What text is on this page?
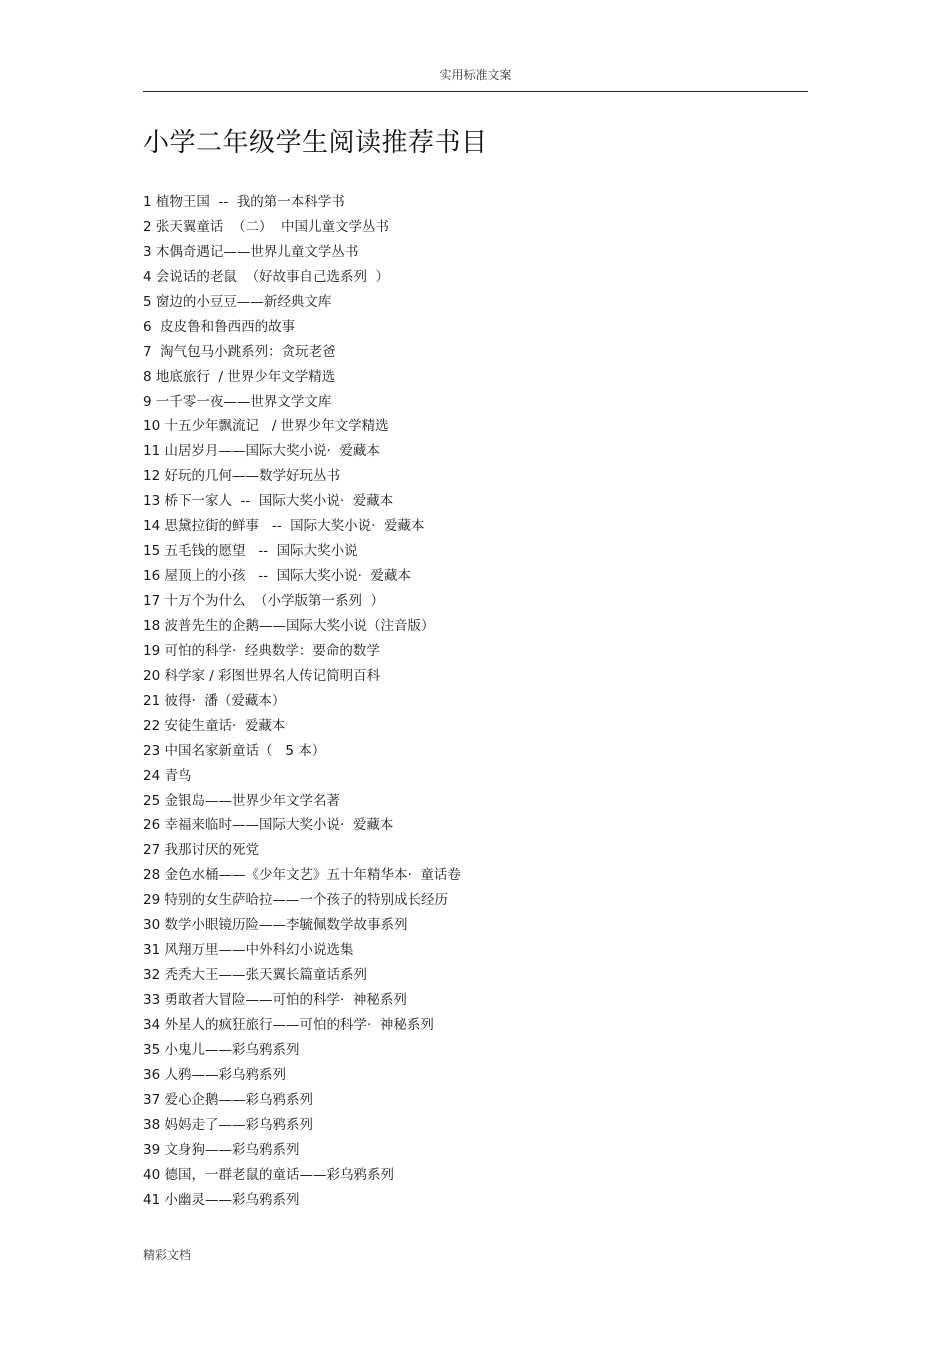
实用标准文案
小学二年级学生阅读推荐书目
1 植物王国  --  我的第一本科学书
2 张天翼童话  （二）  中国儿童文学丛书
3 木偶奇遇记——世界儿童文学丛书
4 会说话的老鼠  （好故事自己选系列  ）
5 窗边的小豆豆——新经典文库
6  皮皮鲁和鲁西西的故事
7  淘气包马小跳系列：贪玩老爸
8 地底旅行  / 世界少年文学精选
9 一千零一夜——世界文学文库
10 十五少年飘流记   / 世界少年文学精选
11 山居岁月——国际大奖小说·  爱藏本
12 好玩的几何——数学好玩丛书
13 桥下一家人  --  国际大奖小说·  爱藏本
14 思黛拉街的鲜事   --  国际大奖小说·  爱藏本
15 五毛钱的愿望   --  国际大奖小说
16 屋顶上的小孩   --  国际大奖小说·  爱藏本
17 十万个为什么  （小学版第一系列  ）
18 波普先生的企鹅——国际大奖小说（注音版）
19 可怕的科学·  经典数学：要命的数学
20 科学家 / 彩图世界名人传记简明百科
21 彼得·  潘（爱藏本）
22 安徒生童话·  爱藏本
23 中国名家新童话（   5 本）
24 青鸟
25 金银岛——世界少年文学名著
26 幸福来临时——国际大奖小说·  爱藏本
27 我那讨厌的死党
28 金色水桶——《少年文艺》五十年精华本·  童话卷
29 特别的女生萨哈拉——一个孩子的特别成长经历
30 数学小眼镜历险——李毓佩数学故事系列
31 风翔万里——中外科幻小说选集
32 秃秃大王——张天翼长篇童话系列
33 勇敢者大冒险——可怕的科学·  神秘系列
34 外星人的疯狂旅行——可怕的科学·  神秘系列
35 小鬼儿——彩乌鸦系列
36 人鸦——彩乌鸦系列
37 爱心企鹅——彩乌鸦系列
38 妈妈走了——彩乌鸦系列
39 文身狗——彩乌鸦系列
40 德国，一群老鼠的童话——彩乌鸦系列
41 小幽灵——彩乌鸦系列
精彩文档
